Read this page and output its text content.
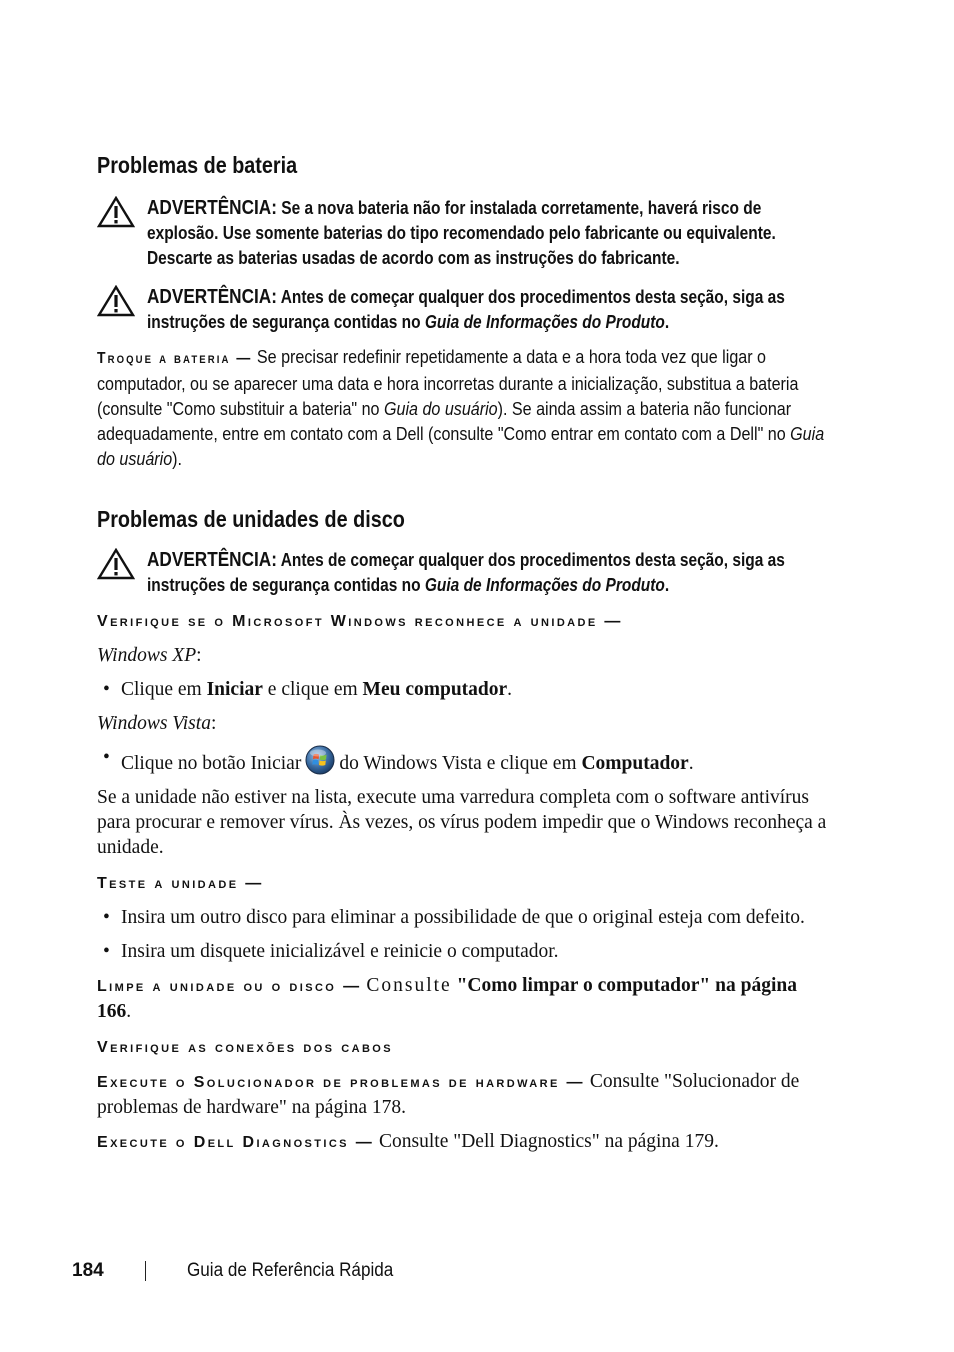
Problemas de bateria
ADVERTÊNCIA: Se a nova bateria não for instalada corretamente, haverá risco de explosão. Use somente baterias do tipo recomendado pelo fabricante ou equivalente. Descarte as baterias usadas de acordo com as instruções do fabricante.
ADVERTÊNCIA: Antes de começar qualquer dos procedimentos desta seção, siga as instruções de segurança contidas no Guia de Informações do Produto.
Troque a bateria — Se precisar redefinir repetidamente a data e a hora toda vez que ligar o computador, ou se aparecer uma data e hora incorretas durante a inicialização, substitua a bateria (consulte "Como substituir a bateria" no Guia do usuário). Se ainda assim a bateria não funcionar adequadamente, entre em contato com a Dell (consulte "Como entrar em contato com a Dell" no Guia do usuário).
Problemas de unidades de disco
ADVERTÊNCIA: Antes de começar qualquer dos procedimentos desta seção, siga as instruções de segurança contidas no Guia de Informações do Produto.
Verifique se o Microsoft Windows reconhece a unidade —
Windows XP:
• Clique em Iniciar e clique em Meu computador.
Windows Vista:
• Clique no botão Iniciar do Windows Vista e clique em Computador.
Se a unidade não estiver na lista, execute uma varredura completa com o software antivírus para procurar e remover vírus. Às vezes, os vírus podem impedir que o Windows reconheça a unidade.
Teste a unidade —
• Insira um outro disco para eliminar a possibilidade de que o original esteja com defeito.
• Insira um disquete inicializável e reinicie o computador.
Limpe a unidade ou o disco — Consulte "Como limpar o computador" na página 166.
Verifique as conexões dos cabos
Execute o Solucionador de problemas de hardware — Consulte "Solucionador de problemas de hardware" na página 178.
Execute o Dell Diagnostics — Consulte "Dell Diagnostics" na página 179.
184	Guia de Referência Rápida
